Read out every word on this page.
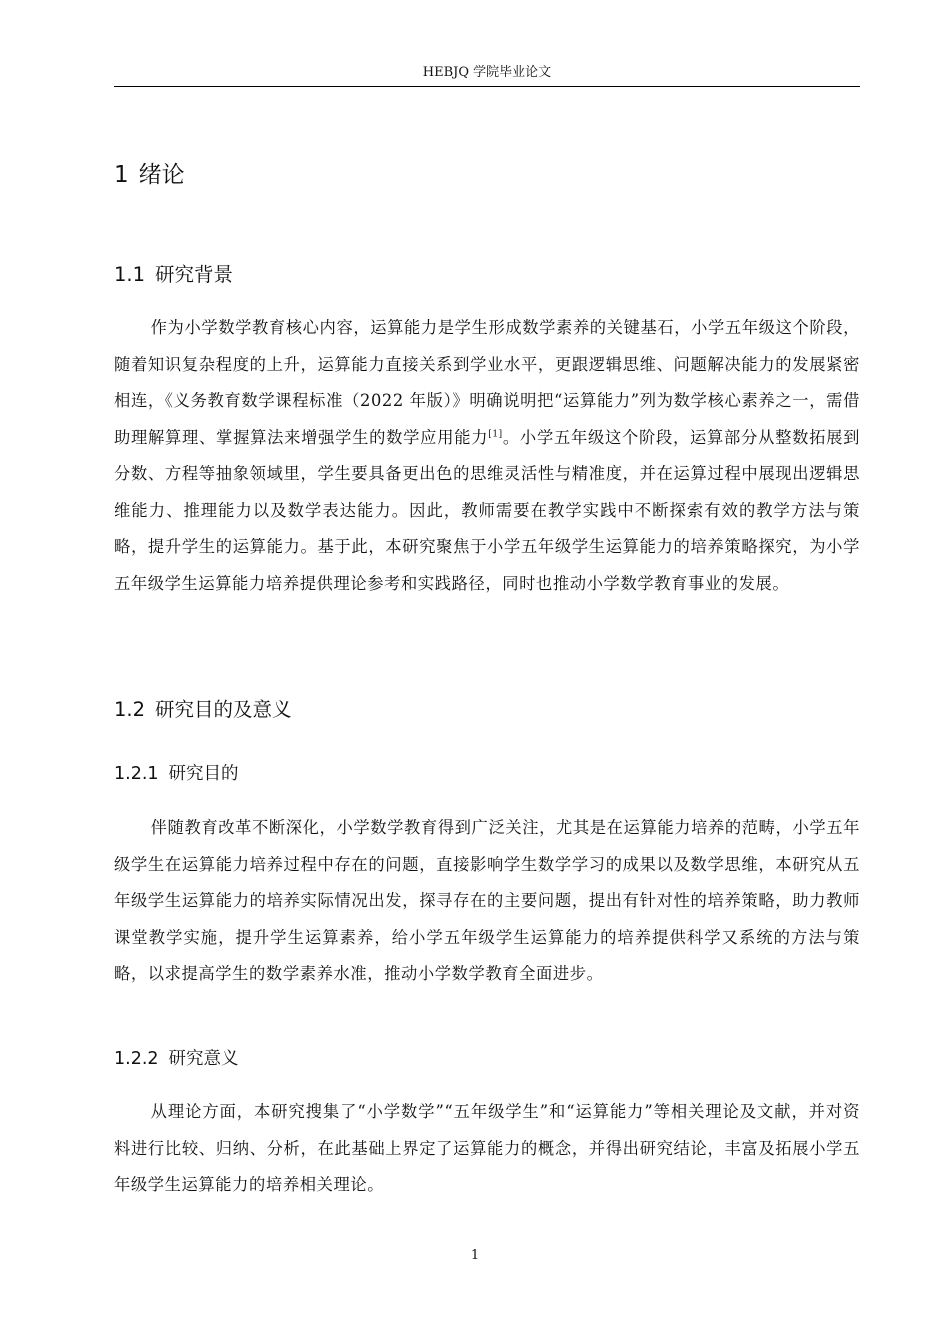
HEBJQ 学院毕业论文
1 绪论
1.1 研究背景

作为小学数学教育核心内容，运算能力是学生形成数学素养的关键基石，小学五年级这个阶段，随着知识复杂程度的上升，运算能力直接关系到学业水平，更跟逻辑思维、问题解决能力的发展紧密相连，《义务教育数学课程标准（2022 年版）》明确说明把“运算能力”列为数学核心素养之一，需借助理解算理、掌握算法来增强学生的数学应用能力[1]。小学五年级这个阶段，运算部分从整数拓展到分数、方程等抽象领域里，学生要具备更出色的思维灵活性与精准度，并在运算过程中展现出逻辑思维能力、推理能力以及数学表达能力。因此，教师需要在教学实践中不断探索有效的教学方法与策略，提升学生的运算能力。基于此，本研究聚焦于小学五年级学生运算能力的培养策略探究，为小学五年级学生运算能力培养提供理论参考和实践路径，同时也推动小学数学教育事业的发展。

1.2 研究目的及意义
1.2.1 研究目的

伴随教育改革不断深化，小学数学教育得到广泛关注，尤其是在运算能力培养的范畴，小学五年级学生在运算能力培养过程中存在的问题，直接影响学生数学学习的成果以及数学思维，本研究从五年级学生运算能力的培养实际情况出发，探寻存在的主要问题，提出有针对性的培养策略，助力教师课堂教学实施，提升学生运算素养，给小学五年级学生运算能力的培养提供科学又系统的方法与策略，以求提高学生的数学素养水准，推动小学数学教育全面进步。

1.2.2 研究意义

从理论方面，本研究搜集了“小学数学”“五年级学生”和“运算能力”等相关理论及文献，并对资料进行比较、归纳、分析，在此基础上界定了运算能力的概念，并得出研究结论，丰富及拓展小学五年级学生运算能力的培养相关理论。

1
